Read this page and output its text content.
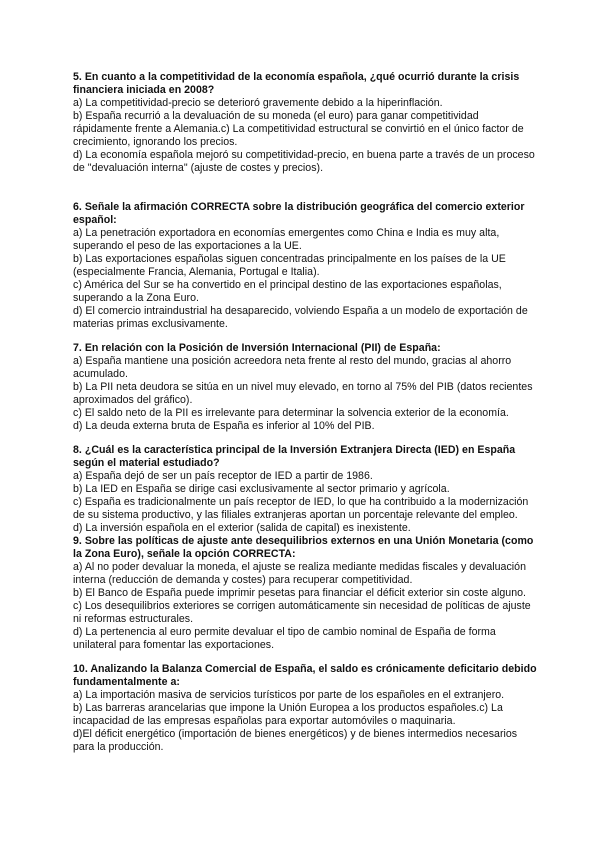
5. En cuanto a la competitividad de la economía española, ¿qué ocurrió durante la crisis financiera iniciada en 2008?

a) La competitividad-precio se deterioró gravemente debido a la hiperinflación.

b) España recurrió a la devaluación de su moneda (el euro) para ganar competitividad rápidamente frente a Alemania.c) La competitividad estructural se convirtió en el único factor de crecimiento, ignorando los precios.

d) La economía española mejoró su competitividad-precio, en buena parte a través de un proceso de "devaluación interna" (ajuste de costes y precios).

6. Señale la afirmación CORRECTA sobre la distribución geográfica del comercio exterior español:

a) La penetración exportadora en economías emergentes como China e India es muy alta, superando el peso de las exportaciones a la UE.

b) Las exportaciones españolas siguen concentradas principalmente en los países de la UE (especialmente Francia, Alemania, Portugal e Italia).

c) América del Sur se ha convertido en el principal destino de las exportaciones españolas, superando a la Zona Euro.

d) El comercio intraindustrial ha desaparecido, volviendo España a un modelo de exportación de materias primas exclusivamente.

7. En relación con la Posición de Inversión Internacional (PII) de España:

a) España mantiene una posición acreedora neta frente al resto del mundo, gracias al ahorro acumulado.

b) La PII neta deudora se sitúa en un nivel muy elevado, en torno al 75% del PIB (datos recientes aproximados del gráfico).

c) El saldo neto de la PII es irrelevante para determinar la solvencia exterior de la economía.

d) La deuda externa bruta de España es inferior al 10% del PIB.

8. ¿Cuál es la característica principal de la Inversión Extranjera Directa (IED) en España según el material estudiado?

a) España dejó de ser un país receptor de IED a partir de 1986.

b) La IED en España se dirige casi exclusivamente al sector primario y agrícola.

c) España es tradicionalmente un país receptor de IED, lo que ha contribuido a la modernización de su sistema productivo, y las filiales extranjeras aportan un porcentaje relevante del empleo.

d) La inversión española en el exterior (salida de capital) es inexistente.

9. Sobre las políticas de ajuste ante desequilibrios externos en una Unión Monetaria (como la Zona Euro), señale la opción CORRECTA:

a) Al no poder devaluar la moneda, el ajuste se realiza mediante medidas fiscales y devaluación interna (reducción de demanda y costes) para recuperar competitividad.

b) El Banco de España puede imprimir pesetas para financiar el déficit exterior sin coste alguno.

c) Los desequilibrios exteriores se corrigen automáticamente sin necesidad de políticas de ajuste ni reformas estructurales.

d) La pertenencia al euro permite devaluar el tipo de cambio nominal de España de forma unilateral para fomentar las exportaciones.

10. Analizando la Balanza Comercial de España, el saldo es crónicamente deficitario debido fundamentalmente a:

a) La importación masiva de servicios turísticos por parte de los españoles en el extranjero.

b) Las barreras arancelarias que impone la Unión Europea a los productos españoles.c) La incapacidad de las empresas españolas para exportar automóviles o maquinaria.

d)El déficit energético (importación de bienes energéticos) y de bienes intermedios necesarios para la producción.
